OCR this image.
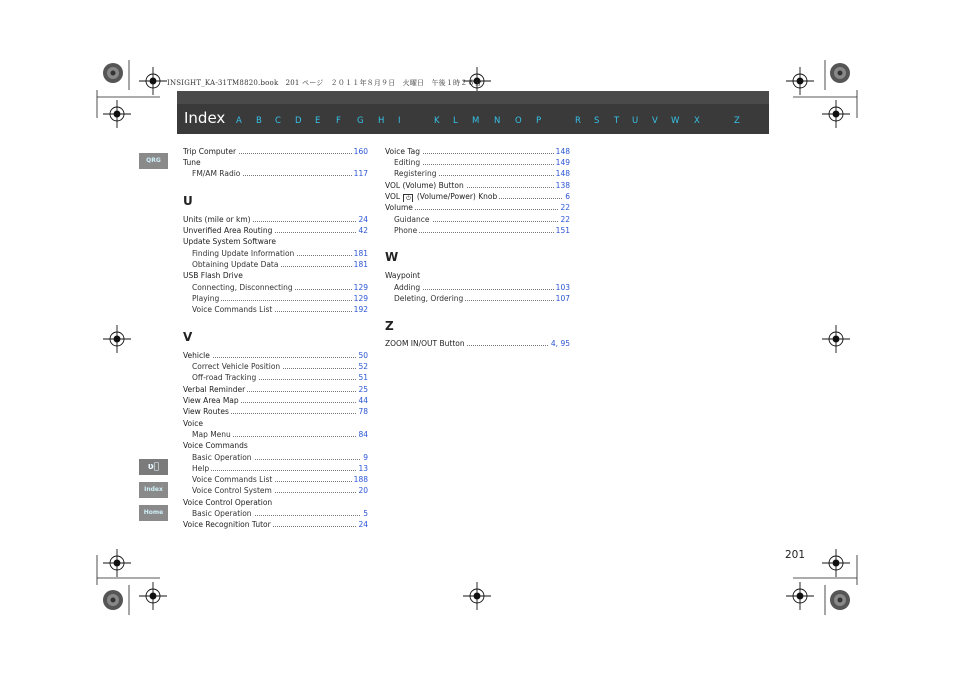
INSIGHT_KA-31TM8820.book　201 ページ　２０１１年８月９日　火曜日　午後１時２６分
Index A B C D E F G H I	K L M N O P	R S T U V W X	Z
QRG
ʋ⃧
Index
Home
Trip Computer	160
Tune
FM/AM Radio	117
U
Units (mile or km)	24
Unverified Area Routing	42
Update System Software
Finding Update Information	181
Obtaining Update Data	181
USB Flash Drive
Connecting, Disconnecting	129
Playing	129
Voice Commands List	192
V
Vehicle	50
Correct Vehicle Position	52
Off-road Tracking	51
Verbal Reminder	25
View Area Map	44
View Routes	78
Voice
Map Menu	84
Voice Commands
Basic Operation	9
Help	13
Voice Commands List	188
Voice Control System	20
Voice Control Operation
Basic Operation	5
Voice Recognition Tutor	24
Voice Tag	148
Editing	149
Registering	148
VOL (Volume) Button	138
VOL ⏻ (Volume/Power) Knob	6
Volume	22
Guidance	22
Phone	151
W
Waypoint
Adding	103
Deleting, Ordering	107
Z
ZOOM IN/OUT Button	4, 95
201
